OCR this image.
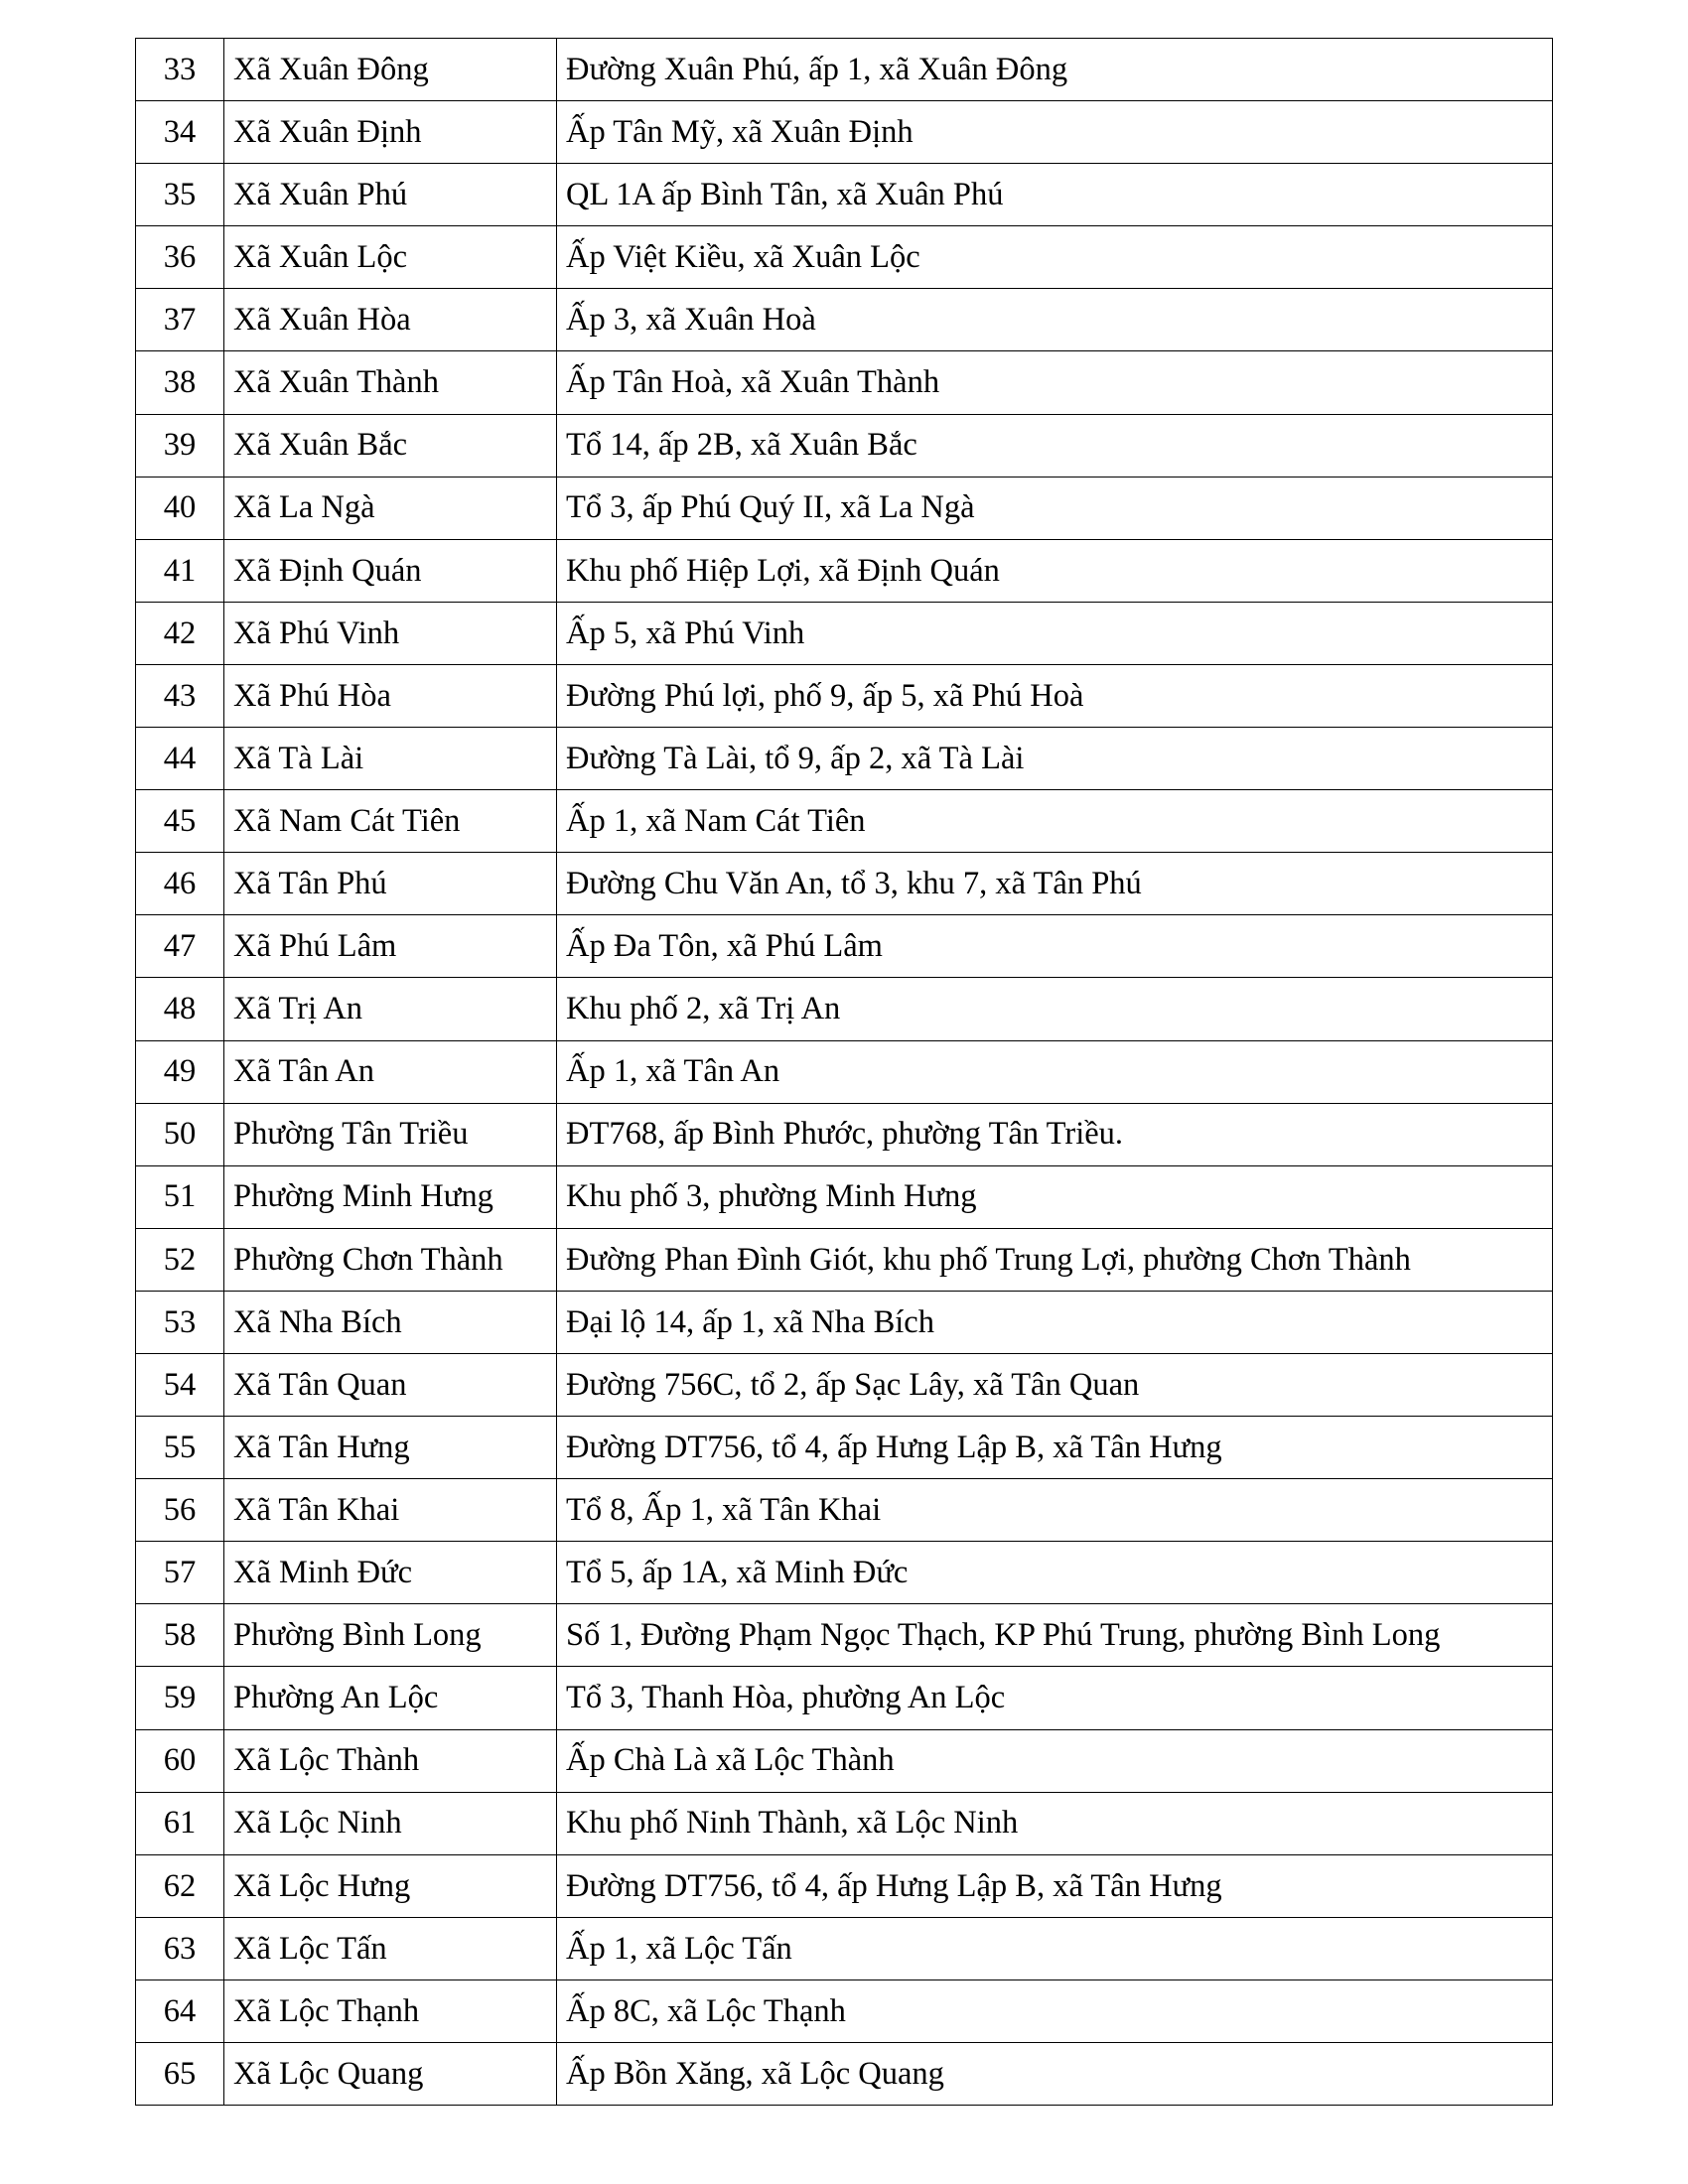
33	Xã Xuân Đông	Đường Xuân Phú, ấp 1, xã Xuân Đông
34	Xã Xuân Định	Ấp Tân Mỹ, xã Xuân Định
35	Xã Xuân Phú	QL 1A ấp Bình Tân, xã Xuân Phú
36	Xã Xuân Lộc	Ấp Việt Kiều, xã Xuân Lộc
37	Xã Xuân Hòa	Ấp 3, xã Xuân Hoà
38	Xã Xuân Thành	Ấp Tân Hoà, xã Xuân Thành
39	Xã Xuân Bắc	Tổ 14, ấp 2B, xã Xuân Bắc
40	Xã La Ngà	Tổ 3, ấp Phú Quý II, xã La Ngà
41	Xã Định Quán	Khu phố Hiệp Lợi, xã Định Quán
42	Xã Phú Vinh	Ấp 5, xã Phú Vinh
43	Xã Phú Hòa	Đường Phú lợi, phố 9, ấp 5, xã Phú Hoà
44	Xã Tà Lài	Đường Tà Lài, tổ 9, ấp 2, xã Tà Lài
45	Xã Nam Cát Tiên	Ấp 1, xã Nam Cát Tiên
46	Xã Tân Phú	Đường Chu Văn An, tổ 3, khu 7, xã Tân Phú
47	Xã Phú Lâm	Ấp Đa Tôn, xã Phú Lâm
48	Xã Trị An	Khu phố 2, xã Trị An
49	Xã Tân An	Ấp 1, xã Tân An
50	Phường Tân Triều	ĐT768, ấp Bình Phước, phường Tân Triều.
51	Phường Minh Hưng	Khu phố 3, phường Minh Hưng
52	Phường Chơn Thành	Đường Phan Đình Giót, khu phố Trung Lợi, phường Chơn Thành
53	Xã Nha Bích	Đại lộ 14, ấp 1, xã Nha Bích
54	Xã Tân Quan	Đường 756C, tổ 2, ấp Sạc Lây, xã Tân Quan
55	Xã Tân Hưng	Đường DT756, tổ 4, ấp Hưng Lập B, xã Tân Hưng
56	Xã Tân Khai	Tổ 8, Ấp 1, xã Tân Khai
57	Xã Minh Đức	Tổ 5, ấp 1A, xã Minh Đức
58	Phường Bình Long	Số 1, Đường Phạm Ngọc Thạch, KP Phú Trung, phường Bình Long
59	Phường An Lộc	Tổ 3, Thanh Hòa, phường An Lộc
60	Xã Lộc Thành	Ấp Chà Là xã Lộc Thành
61	Xã Lộc Ninh	Khu phố Ninh Thành, xã Lộc Ninh
62	Xã Lộc Hưng	Đường DT756, tổ 4, ấp Hưng Lập B, xã Tân Hưng
63	Xã Lộc Tấn	Ấp 1, xã Lộc Tấn
64	Xã Lộc Thạnh	Ấp 8C, xã Lộc Thạnh
65	Xã Lộc Quang	Ấp Bồn Xăng, xã Lộc Quang
